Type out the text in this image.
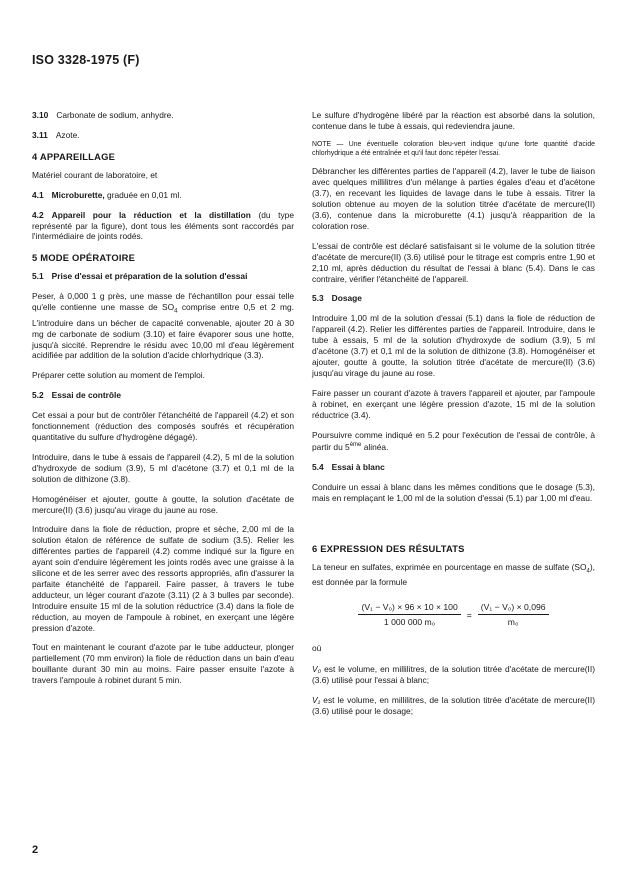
ISO 3328-1975 (F)

3.10 Carbonate de sodium, anhydre.

3.11 Azote.

4 APPAREILLAGE

Matériel courant de laboratoire, et

4.1 Microburette, graduée en 0,01 ml.

4.2 Appareil pour la réduction et la distillation (du type représenté par la figure), dont tous les éléments sont raccordés par l'intermédiaire de joints rodés.

5 MODE OPÉRATOIRE

5.1 Prise d'essai et préparation de la solution d'essai

Peser, à 0,000 1 g près, une masse de l'échantillon pour essai telle qu'elle contienne une masse de $SO_4$ comprise entre 0,5 et 2 mg. L'introduire dans un bécher de capacité convenable, ajouter 20 à 30 mg de carbonate de sodium (3.10) et faire évaporer sous une hotte, jusqu'à siccité. Reprendre le résidu avec 10,00 ml d'eau légèrement acidifiée par addition de la solution d'acide chlorhydrique (3.3).

Préparer cette solution au moment de l'emploi.

5.2 Essai de contrôle

Cet essai a pour but de contrôler l'étanchéité de l'appareil (4.2) et son fonctionnement (réduction des composés soufrés et récupération quantitative du sulfure d'hydrogène dégagé).

Introduire, dans le tube à essais de l'appareil (4.2), 5 ml de la solution d'hydroxyde de sodium (3.9), 5 ml d'acétone (3.7) et 0,1 ml de la solution de dithizone (3.8).

Homogénéiser et ajouter, goutte à goutte, la solution d'acétate de mercure(II) (3.6) jusqu'au virage du jaune au rose.

Introduire dans la fiole de réduction, propre et sèche, 2,00 ml de la solution étalon de référence de sulfate de sodium (3.5). Relier les différentes parties de l'appareil (4.2) comme indiqué sur la figure en ayant soin d'enduire légèrement les joints rodés avec une graisse à la silicone et de les serrer avec des ressorts appropriés, afin d'assurer la parfaite étanchéité de l'appareil. Faire passer, à travers le tube adducteur, un léger courant d'azote (3.11) (2 à 3 bulles par seconde). Introduire ensuite 15 ml de la solution réductrice (3.4) dans la fiole de réduction, au moyen de l'ampoule à robinet, en exerçant une légère pression d'azote.

Tout en maintenant le courant d'azote par le tube adducteur, plonger partiellement (70 mm environ) la fiole de réduction dans un bain d'eau bouillante durant 30 min au moins. Faire passer ensuite l'azote à travers l'ampoule à robinet durant 5 min.

Le sulfure d'hydrogène libéré par la réaction est absorbé dans la solution, contenue dans le tube à essais, qui redeviendra jaune.

NOTE — Une éventuelle coloration bleu-vert indique qu'une forte quantité d'acide chlorhydrique a été entraînée et qu'il faut donc répéter l'essai.

Débrancher les différentes parties de l'appareil (4.2), laver le tube de liaison avec quelques millilitres d'un mélange à parties égales d'eau et d'acétone (3.7), en recevant les liquides de lavage dans le tube à essais. Titrer la solution obtenue au moyen de la solution titrée d'acétate de mercure(II) (3.6), contenue dans la microburette (4.1) jusqu'à réapparition de la coloration rose.

L'essai de contrôle est déclaré satisfaisant si le volume de la solution titrée d'acétate de mercure(II) (3.6) utilisé pour le titrage est compris entre 1,90 et 2,10 ml, après déduction du résultat de l'essai à blanc (5.4). Dans le cas contraire, vérifier l'étanchéité de l'appareil.

5.3 Dosage

Introduire 1,00 ml de la solution d'essai (5.1) dans la fiole de réduction de l'appareil (4.2). Relier les différentes parties de l'appareil. Introduire, dans le tube à essais, 5 ml de la solution d'hydroxyde de sodium (3.9), 5 ml d'acétone (3.7) et 0,1 ml de la solution de dithizone (3.8). Homogénéiser et ajouter, goutte à goutte, la solution titrée d'acétate de mercure(II) (3.6) jusqu'au virage du jaune au rose.

Faire passer un courant d'azote à travers l'appareil et ajouter, par l'ampoule à robinet, en exerçant une légère pression d'azote, 15 ml de la solution réductrice (3.4).

Poursuivre comme indiqué en 5.2 pour l'exécution de l'essai de contrôle, à partir du 5ème alinéa.

5.4 Essai à blanc

Conduire un essai à blanc dans les mêmes conditions que le dosage (5.3), mais en remplaçant le 1,00 ml de la solution d'essai (5.1) par 1,00 ml d'eau.

6 EXPRESSION DES RÉSULTATS

La teneur en sulfates, exprimée en pourcentage en masse de sulfate $(SO_4)$, est donnée par la formule

$\frac{\text{(V₁ − V₀) × 96 × 10 × 100}}{\text{1 000 000 m₀}} = \frac{\text{(V₁ − V₀) × 0,096}}{\text{m₀}}$

où

V₀ est le volume, en millilitres, de la solution titrée d'acétate de mercure(II) (3.6) utilisé pour l'essai à blanc;

V₁ est le volume, en millilitres, de la solution titrée d'acétate de mercure(II) (3.6) utilisé pour le dosage;

2
